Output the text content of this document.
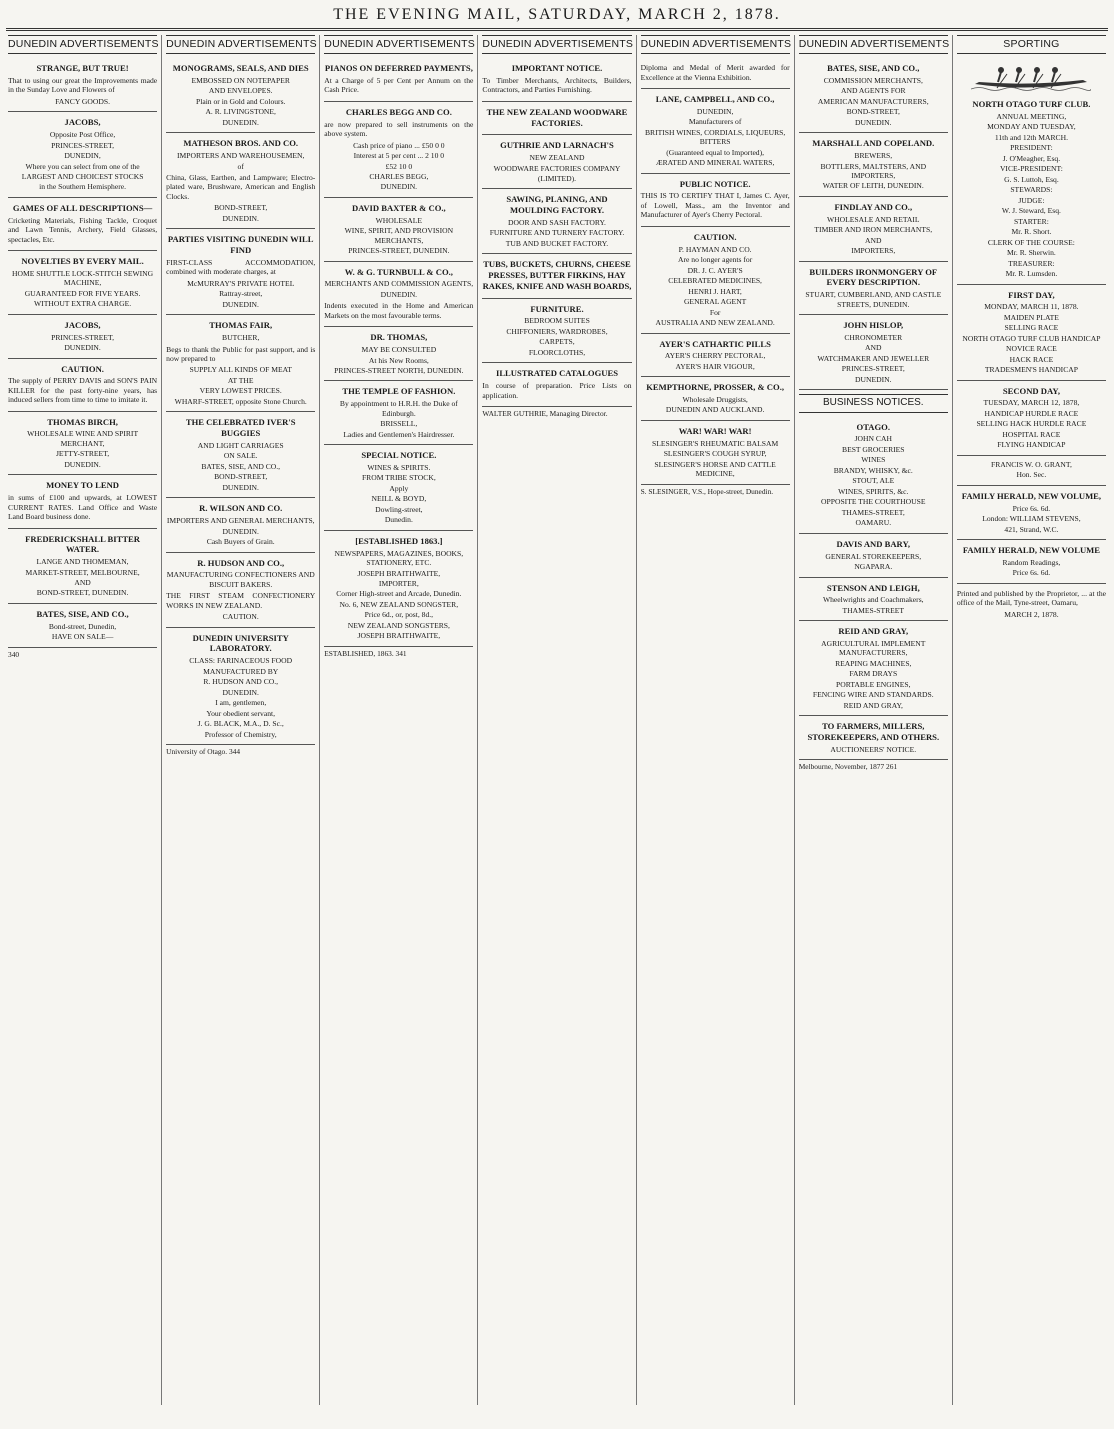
THE EVENING MAIL, SATURDAY, MARCH 2, 1878.
DUNEDIN ADVERTISEMENTS
STRANGE, BUT TRUE!
That to using our great the Improvements made in the Sunday Love and Flowers of
FANCY GOODS.
JACOBS,
Opposite Post Office,
PRINCES-STREET,
DUNEDIN,
Where you can select from one of the
LARGEST AND CHOICEST STOCKS
in the Southern Hemisphere.
GAMES OF ALL DESCRIPTIONS—
Cricketing Materials, Fishing Tackle, Croquet and Lawn Tennis, Archery, Field Glasses, spectacles, Etc.
NOVELTIES BY EVERY MAIL.
HOME SHUTTLE LOCK-STITCH SEWING MACHINE,
GUARANTEED FOR FIVE YEARS.
WITHOUT EXTRA CHARGE.
JACOBS,
PRINCES-STREET,
DUNEDIN.
CAUTION.
The supply of PERRY DAVIS and SON'S PAIN KILLER for the past forty-nine years, has induced sellers from time to time to imitate it.
THOMAS BIRCH,
WHOLESALE WINE AND SPIRIT MERCHANT,
JETTY-STREET,
DUNEDIN.
MONEY TO LEND
in sums of £100 and upwards, at LOWEST CURRENT RATES. Land Office and Waste Land Board business done.
FREDERICKSHALL BITTER WATER.
LANGE AND THOMEMAN,
MARKET-STREET, MELBOURNE,
AND
BOND-STREET, DUNEDIN.
BATES, SISE, AND CO.,
Bond-street, Dunedin,
HAVE ON SALE—
340
DUNEDIN ADVERTISEMENTS
MONOGRAMS, SEALS, AND DIES
EMBOSSED ON NOTEPAPER
AND ENVELOPES.
Plain or in Gold and Colours.
A. R. LIVINGSTONE,
DUNEDIN.
MATHESON BROS. AND CO.
IMPORTERS AND WAREHOUSEMEN,
of
China, Glass, Earthen, and Lampware; Electro-plated ware, Brushware, American and English Clocks.
BOND-STREET,
DUNEDIN.
PARTIES VISITING DUNEDIN WILL FIND
FIRST-CLASS ACCOMMODATION, combined with moderate charges, at
McMURRAY'S PRIVATE HOTEL
Rattray-street,
DUNEDIN.
THOMAS FAIR,
BUTCHER,
Begs to thank the Public for past support, and is now prepared to
SUPPLY ALL KINDS OF MEAT
AT THE
VERY LOWEST PRICES.
WHARF-STREET, opposite Stone Church.
THE CELEBRATED IVER'S BUGGIES
AND LIGHT CARRIAGES
ON SALE.
BATES, SISE, AND CO.,
BOND-STREET,
DUNEDIN.
R. WILSON AND CO.
IMPORTERS AND GENERAL MERCHANTS,
DUNEDIN.
Cash Buyers of Grain.
R. HUDSON AND CO.,
MANUFACTURING CONFECTIONERS AND BISCUIT BAKERS.
THE FIRST STEAM CONFECTIONERY WORKS IN NEW ZEALAND.
CAUTION.
DUNEDIN UNIVERSITY LABORATORY.
CLASS: FARINACEOUS FOOD
MANUFACTURED BY
R. HUDSON AND CO.,
DUNEDIN.
I am, gentlemen,
Your obedient servant,
J. G. BLACK, M.A., D. Sc.,
Professor of Chemistry,
University of Otago. 344
DUNEDIN ADVERTISEMENTS
PIANOS ON DEFERRED PAYMENTS,
At a Charge of 5 per Cent per Annum on the Cash Price.
CHARLES BEGG AND CO.
are now prepared to sell instruments on the above system.
Cash price of piano ... £50 0 0
Interest at 5 per cent ... 2 10 0
£52 10 0
CHARLES BEGG,
DUNEDIN.
DAVID BAXTER & CO.,
WHOLESALE
WINE, SPIRIT, AND PROVISION MERCHANTS,
PRINCES-STREET, DUNEDIN.
W. & G. TURNBULL & CO.,
MERCHANTS AND COMMISSION AGENTS,
DUNEDIN.
Indents executed in the Home and American Markets on the most favourable terms.
DR. THOMAS,
MAY BE CONSULTED
At his New Rooms,
PRINCES-STREET NORTH, DUNEDIN.
THE TEMPLE OF FASHION.
By appointment to H.R.H. the Duke of Edinburgh.
BRISSELL,
Ladies and Gentlemen's Hairdresser.
SPECIAL NOTICE.
WINES & SPIRITS.
FROM TRIBE STOCK,
Apply
NEILL & BOYD,
Dowling-street,
Dunedin.
[ESTABLISHED 1863.]
NEWSPAPERS, MAGAZINES, BOOKS, STATIONERY, ETC.
JOSEPH BRAITHWAITE,
IMPORTER,
Corner High-street and Arcade, Dunedin.
No. 6, NEW ZEALAND SONGSTER,
Price 6d., or, post, 8d.,
NEW ZEALAND SONGSTERS,
JOSEPH BRAITHWAITE,
ESTABLISHED, 1863. 341
DUNEDIN ADVERTISEMENTS
IMPORTANT NOTICE.
To Timber Merchants, Architects, Builders, Contractors, and Parties Furnishing.
THE NEW ZEALAND WOODWARE FACTORIES.
GUTHRIE AND LARNACH'S
NEW ZEALAND
WOODWARE FACTORIES COMPANY
(LIMITED).
SAWING, PLANING, AND MOULDING FACTORY.
DOOR AND SASH FACTORY.
FURNITURE AND TURNERY FACTORY.
TUB AND BUCKET FACTORY.
TUBS, BUCKETS, CHURNS, CHEESE PRESSES, BUTTER FIRKINS, HAY RAKES, KNIFE AND WASH BOARDS,
FURNITURE.
BEDROOM SUITES
CHIFFONIERS, WARDROBES,
CARPETS,
FLOORCLOTHS,
ILLUSTRATED CATALOGUES
In course of preparation. Price Lists on application.
WALTER GUTHRIE, Managing Director.
DUNEDIN ADVERTISEMENTS
Diploma and Medal of Merit awarded for Excellence at the Vienna Exhibition.
LANE, CAMPBELL, AND CO.,
DUNEDIN,
Manufacturers of
BRITISH WINES, CORDIALS, LIQUEURS, BITTERS
(Guaranteed equal to Imported),
ÆRATED AND MINERAL WATERS,
PUBLIC NOTICE.
THIS IS TO CERTIFY THAT I, James C. Ayer, of Lowell, Mass., am the Inventor and Manufacturer of Ayer's Cherry Pectoral.
CAUTION.
P. HAYMAN AND CO.
Are no longer agents for
DR. J. C. AYER'S
CELEBRATED MEDICINES,
HENRI J. HART,
GENERAL AGENT
For
AUSTRALIA AND NEW ZEALAND.
AYER'S CATHARTIC PILLS
AYER'S CHERRY PECTORAL,
AYER'S HAIR VIGOUR,
KEMPTHORNE, PROSSER, & CO.,
Wholesale Druggists,
DUNEDIN AND AUCKLAND.
WAR! WAR! WAR!
SLESINGER'S RHEUMATIC BALSAM
SLESINGER'S COUGH SYRUP,
SLESINGER'S HORSE AND CATTLE MEDICINE,
S. SLESINGER, V.S., Hope-street, Dunedin.
DUNEDIN ADVERTISEMENTS
BATES, SISE, AND CO.,
COMMISSION MERCHANTS,
AND AGENTS FOR
AMERICAN MANUFACTURERS,
BOND-STREET,
DUNEDIN.
MARSHALL AND COPELAND.
BREWERS,
BOTTLERS, MALTSTERS, AND IMPORTERS,
WATER OF LEITH, DUNEDIN.
FINDLAY AND CO.,
WHOLESALE AND RETAIL
TIMBER AND IRON MERCHANTS,
AND
IMPORTERS,
BUILDERS IRONMONGERY OF EVERY DESCRIPTION.
STUART, CUMBERLAND, AND CASTLE STREETS, DUNEDIN.
JOHN HISLOP,
CHRONOMETER
AND
WATCHMAKER AND JEWELLER
PRINCES-STREET,
DUNEDIN.
BUSINESS NOTICES.
OTAGO.
JOHN CAH
BEST GROCERIES
WINES
BRANDY, WHISKY, &c.
STOUT, ALE
WINES, SPIRITS, &c.
OPPOSITE THE COURTHOUSE
THAMES-STREET,
OAMARU.
DAVIS AND BARY,
GENERAL STOREKEEPERS,
NGAPARA.
STENSON AND LEIGH,
Wheelwrights and Coachmakers,
THAMES-STREET
REID AND GRAY,
AGRICULTURAL IMPLEMENT MANUFACTURERS,
REAPING MACHINES,
FARM DRAYS
PORTABLE ENGINES,
FENCING WIRE AND STANDARDS.
REID AND GRAY,
TO FARMERS, MILLERS, STOREKEEPERS, AND OTHERS.
AUCTIONEERS' NOTICE.
Melbourne, November, 1877 261
SPORTING
NORTH OTAGO TURF CLUB.
ANNUAL MEETING,
MONDAY AND TUESDAY,
11th and 12th MARCH.
PRESIDENT:
J. O'Meagher, Esq.
VICE-PRESIDENT:
G. S. Luttoh, Esq.
STEWARDS:
JUDGE:
W. J. Steward, Esq.
STARTER:
Mr. R. Short.
CLERK OF THE COURSE:
Mr. R. Sherwin.
TREASURER:
Mr. R. Lumsden.
FIRST DAY,
MONDAY, MARCH 11, 1878.
MAIDEN PLATE
SELLING RACE
NORTH OTAGO TURF CLUB HANDICAP
NOVICE RACE
HACK RACE
TRADESMEN'S HANDICAP
SECOND DAY,
TUESDAY, MARCH 12, 1878,
HANDICAP HURDLE RACE
SELLING HACK HURDLE RACE
HOSPITAL RACE
FLYING HANDICAP
FRANCIS W. O. GRANT,
Hon. Sec.
FAMILY HERALD, NEW VOLUME,
Price 6s. 6d.
London: WILLIAM STEVENS,
421, Strand, W.C.
FAMILY HERALD, NEW VOLUME
Random Readings,
Price 6s. 6d.
Printed and published by the Proprietor, ... at the office of the Mail, Tyne-street, Oamaru,
MARCH 2, 1878.
